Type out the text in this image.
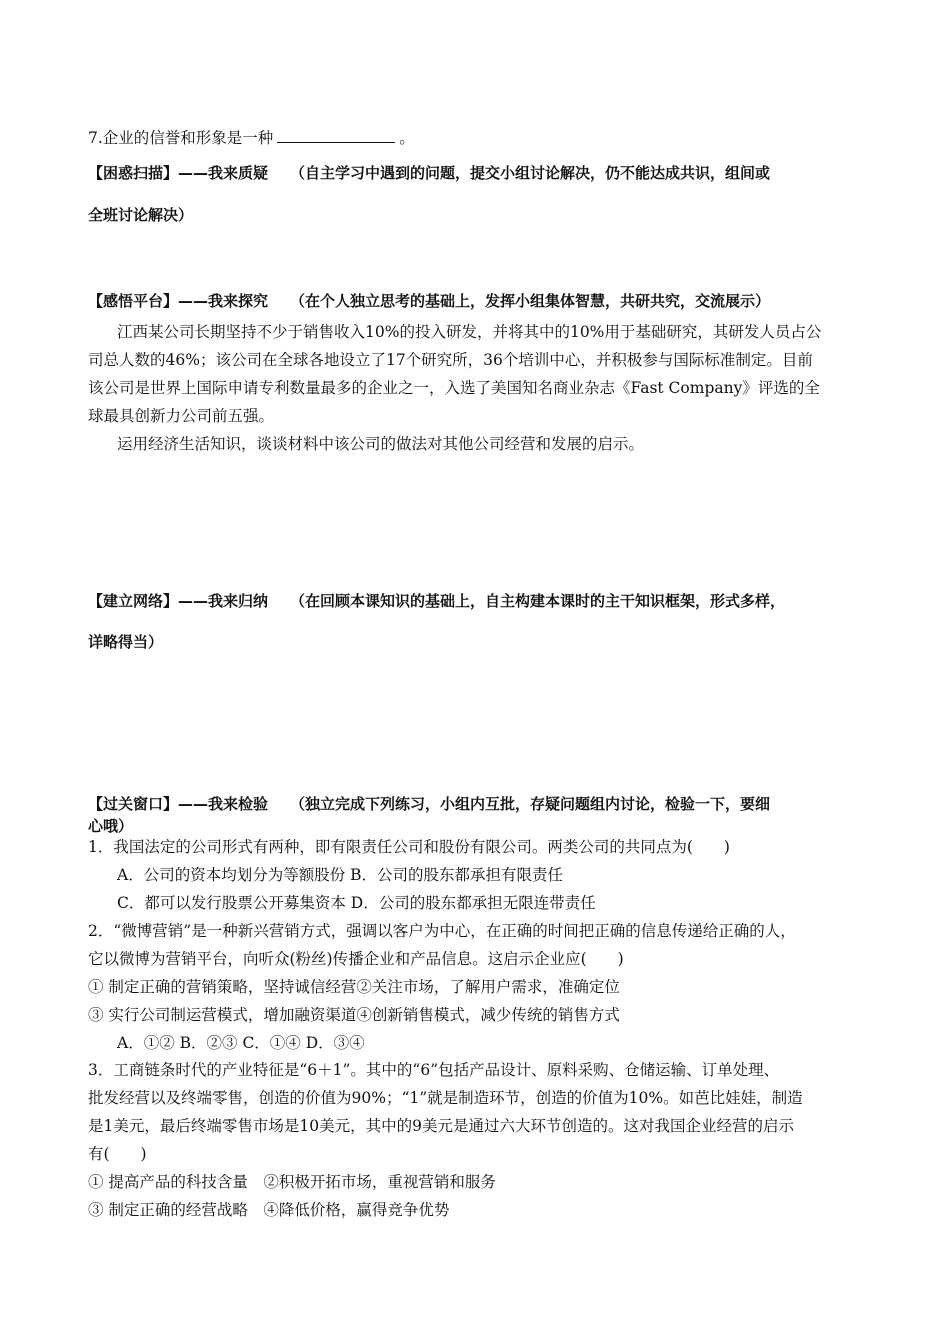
7.企业的信誉和形象是一种	。
【困惑扫描】——我来质疑 （自主学习中遇到的问题，提交小组讨论解决，仍不能达成共识，组间或
全班讨论解决）
【感悟平台】——我来探究 （在个人独立思考的基础上，发挥小组集体智慧，共研共究，交流展示）
江西某公司长期坚持不少于销售收入10%的投入研发，并将其中的10%用于基础研究，其研发人员占公
司总人数的46%；该公司在全球各地设立了17个研究所，36个培训中心，并积极参与国际标准制定。目前
该公司是世界上国际申请专利数量最多的企业之一，入选了美国知名商业杂志《Fast Company》评选的全
球最具创新力公司前五强。
运用经济生活知识，谈谈材料中该公司的做法对其他公司经营和发展的启示。
【建立网络】——我来归纳 （在回顾本课知识的基础上，自主构建本课时的主干知识框架，形式多样，
详略得当）
【过关窗口】——我来检验 （独立完成下列练习，小组内互批，存疑问题组内讨论，检验一下，要细
心哦）
1．我国法定的公司形式有两种，即有限责任公司和股份有限公司。两类公司的共同点为(　　)
A．公司的资本均划分为等额股份 B．公司的股东都承担有限责任
C．都可以发行股票公开募集资本 D．公司的股东都承担无限连带责任
2．“微博营销”是一种新兴营销方式，强调以客户为中心，在正确的时间把正确的信息传递给正确的人，
它以微博为营销平台，向听众(粉丝)传播企业和产品信息。这启示企业应(　　)
① 制定正确的营销策略，坚持诚信经营②关注市场，了解用户需求，准确定位
③ 实行公司制运营模式，增加融资渠道④创新销售模式，减少传统的销售方式
A．①② B．②③ C．①④ D．③④
3．工商链条时代的产业特征是“6＋1”。其中的“6”包括产品设计、原料采购、仓储运输、订单处理、
批发经营以及终端零售，创造的价值为90%；“1”就是制造环节，创造的价值为10%。如芭比娃娃，制造
是1美元，最后终端零售市场是10美元，其中的9美元是通过六大环节创造的。这对我国企业经营的启示
有(　　)
① 提高产品的科技含量　②积极开拓市场，重视营销和服务
③ 制定正确的经营战略　④降低价格，赢得竞争优势
